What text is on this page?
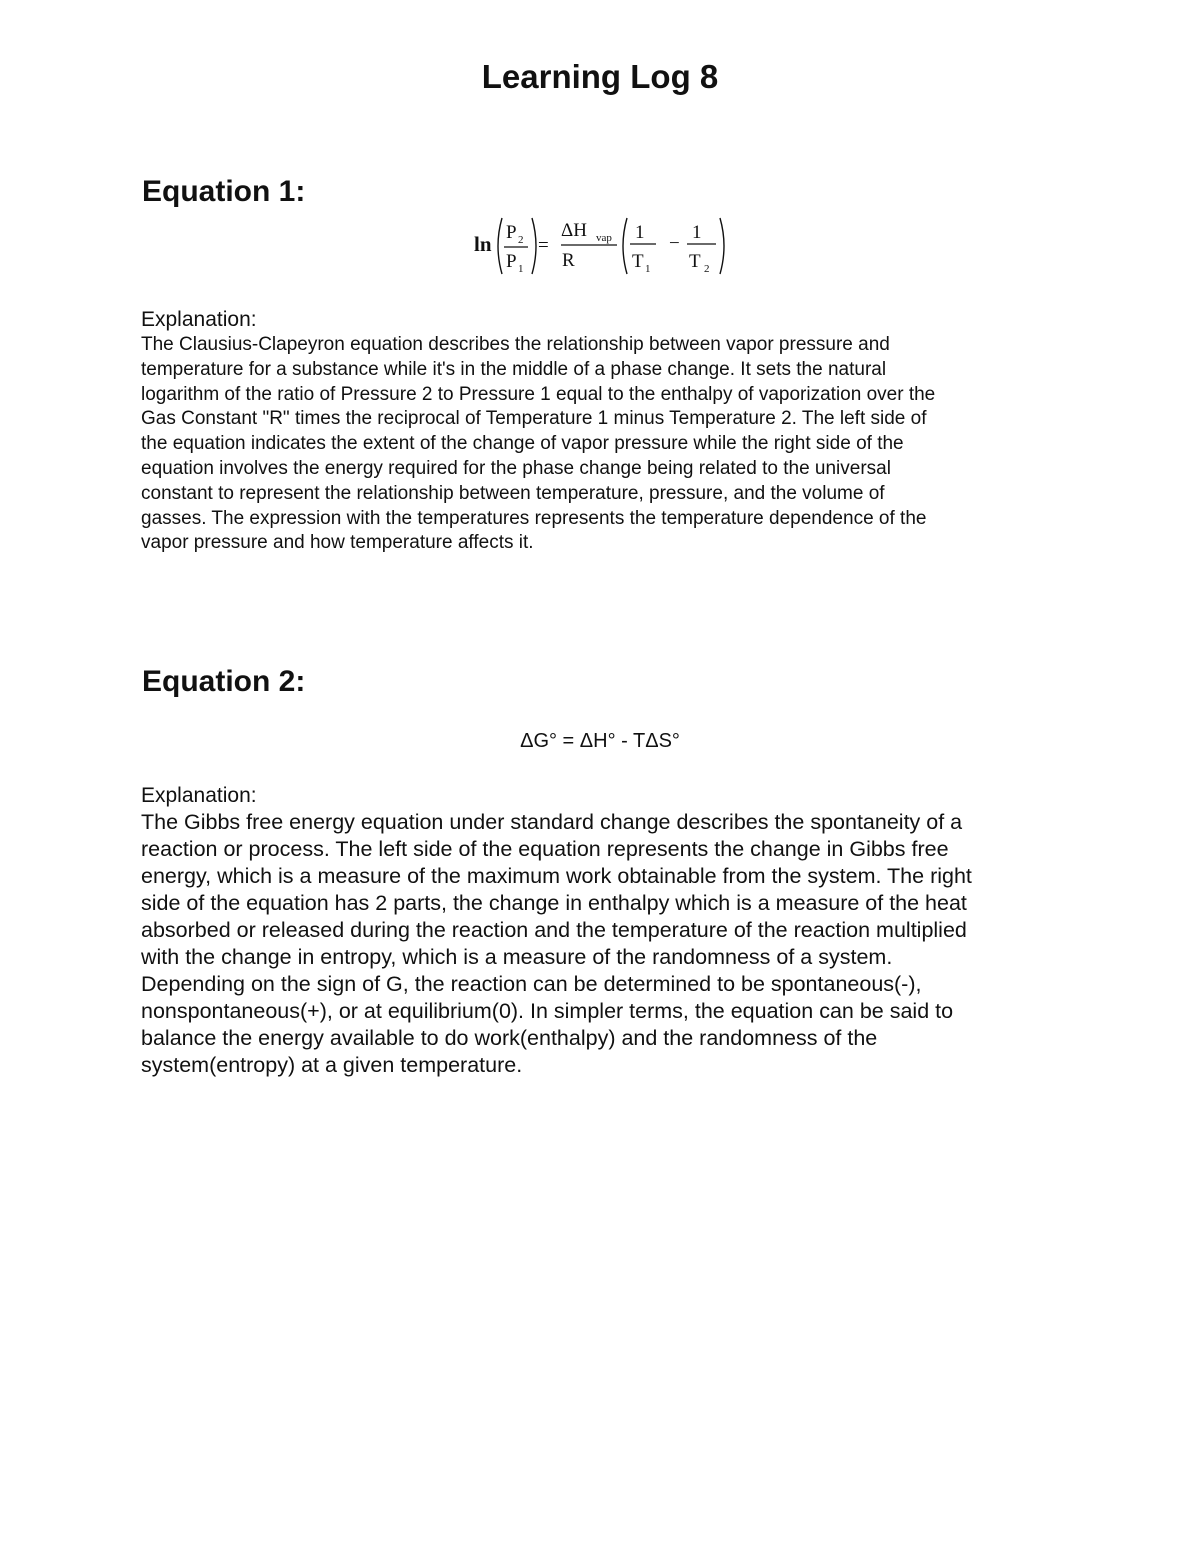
Learning Log 8
Equation 1:
ln P 2
P 1
=
ΔH vap
R
1
T 1
−
1
T 2

Explanation:

The Clausius-Clapeyron equation describes the relationship between vapor pressure and
temperature for a substance while it's in the middle of a phase change. It sets the natural
logarithm of the ratio of Pressure 2 to Pressure 1 equal to the enthalpy of vaporization over the
Gas Constant "R" times the reciprocal of Temperature 1 minus Temperature 2. The left side of
the equation indicates the extent of the change of vapor pressure while the right side of the
equation involves the energy required for the phase change being related to the universal
constant to represent the relationship between temperature, pressure, and the volume of
gasses. The expression with the temperatures represents the temperature dependence of the
vapor pressure and how temperature affects it.

Equation 2:
ΔG° = ΔH° - TΔS°

Explanation:

The Gibbs free energy equation under standard change describes the spontaneity of a
reaction or process. The left side of the equation represents the change in Gibbs free
energy, which is a measure of the maximum work obtainable from the system. The right
side of the equation has 2 parts, the change in enthalpy which is a measure of the heat
absorbed or released during the reaction and the temperature of the reaction multiplied
with the change in entropy, which is a measure of the randomness of a system.
Depending on the sign of G, the reaction can be determined to be spontaneous(-),
nonspontaneous(+), or at equilibrium(0). In simpler terms, the equation can be said to
balance the energy available to do work(enthalpy) and the randomness of the
system(entropy) at a given temperature.
